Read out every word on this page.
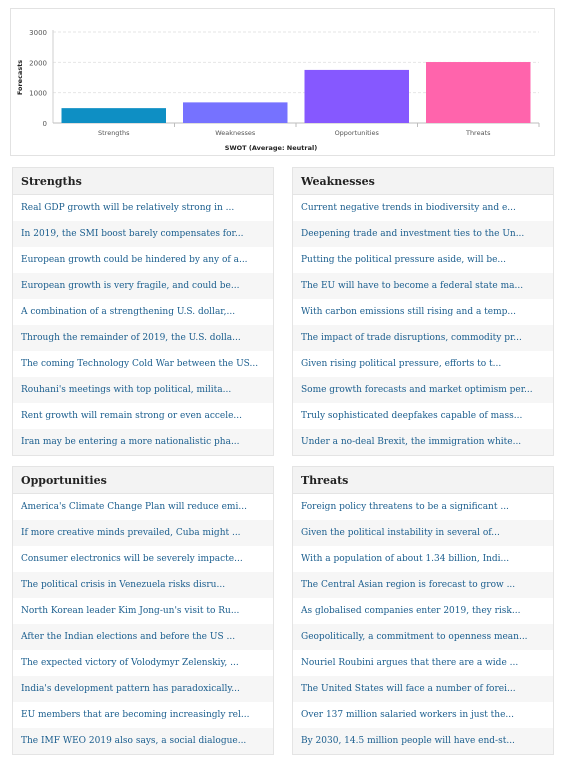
0
1000
2000
3000
Strengths	Weaknesses	Opportunities	Threats
SWOT (Average: Neutral)
Forecasts
Strengths
Real GDP growth will be relatively strong in ...
In 2019, the SMI boost barely compensates for...
European growth could be hindered by any of a...
European growth is very fragile, and could be...
A combination of a strengthening U.S. dollar,...
Through the remainder of 2019, the U.S. dolla...
The coming Technology Cold War between the US...
Rouhani's meetings with top political, milita...
Rent growth will remain strong or even accele...
Iran may be entering a more nationalistic pha...
Weaknesses
Current negative trends in biodiversity and e...
Deepening trade and investment ties to the Un...
Putting the political pressure aside, will be...
The EU will have to become a federal state ma...
With carbon emissions still rising and a temp...
The impact of trade disruptions, commodity pr...
Given rising political pressure, efforts to t...
Some growth forecasts and market optimism per...
Truly sophisticated deepfakes capable of mass...
Under a no-deal Brexit, the immigration white...
Opportunities
America's Climate Change Plan will reduce emi...
If more creative minds prevailed, Cuba might ...
Consumer electronics will be severely impacte...
The political crisis in Venezuela risks disru...
North Korean leader Kim Jong-un's visit to Ru...
After the Indian elections and before the US ...
The expected victory of Volodymyr Zelenskiy, ...
India's development pattern has paradoxically...
EU members that are becoming increasingly rel...
The IMF WEO 2019 also says, a social dialogue...
Threats
Foreign policy threatens to be a significant ...
Given the political instability in several of...
With a population of about 1.34 billion, Indi...
The Central Asian region is forecast to grow ...
As globalised companies enter 2019, they risk...
Geopolitically, a commitment to openness mean...
Nouriel Roubini argues that there are a wide ...
The United States will face a number of forei...
Over 137 million salaried workers in just the...
By 2030, 14.5 million people will have end-st...
